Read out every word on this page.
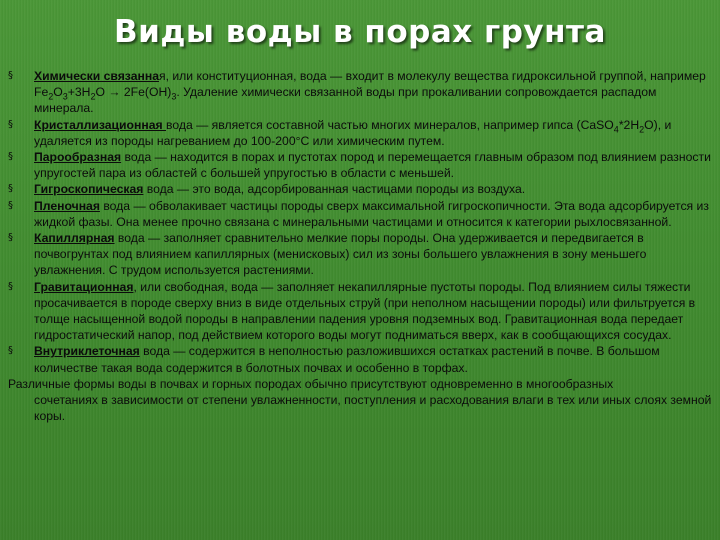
Виды воды в порах грунта
§	Химически связанная, или конституционная, вода — входит в молекулу вещества гидроксильной группой, например $Fe_2O_3+3H_2O \to 2Fe(OH)_3$. Удаление химически связанной воды при прокаливании сопровождается распадом минерала.
§	Кристаллизационная вода — является составной частью многих минералов, например гипса $(CaSO_4*2H_2O)$, и удаляется из породы нагреванием до 100-200°С или химическим путем.
§	Парообразная вода — находится в порах и пустотах пород и перемещается главным образом под влиянием разности упругостей пара из областей с большей упругостью в области с меньшей.
§	Гигроскопическая вода — это вода, адсорбированная частицами породы из воздуха.
§	Пленочная вода — обволакивает частицы породы сверх максимальной гигроскопичности. Эта вода адсорбируется из жидкой фазы. Она менее прочно связана с минеральными частицами и относится к категории рыхлосвязанной.
§	Капиллярная вода — заполняет сравнительно мелкие поры породы. Она удерживается и передвигается в почвогрунтах под влиянием капиллярных (менисковых) сил из зоны большего увлажнения в зону меньшего увлажнения. С трудом используется растениями.
§	Гравитационная, или свободная, вода — заполняет некапиллярные пустоты породы. Под влиянием силы тяжести просачивается в породе сверху вниз в виде отдельных струй (при неполном насыщении породы) или фильтруется в толще насыщенной водой породы в направлении падения уровня подземных вод. Гравитационная вода передает гидростатический напор, под действием которого воды могут подниматься вверх, как в сообщающихся сосудах.
§	Внутриклеточная вода — содержится в неполностью разложившихся остатках растений в почве. В большом количестве такая вода содержится в болотных почвах и особенно в торфах.
Различные формы воды в почвах и горных породах обычно присутствуют одновременно в многообразных
сочетаниях в зависимости от степени увлажненности, поступления и расходования влаги в тех или иных слоях земной коры.
